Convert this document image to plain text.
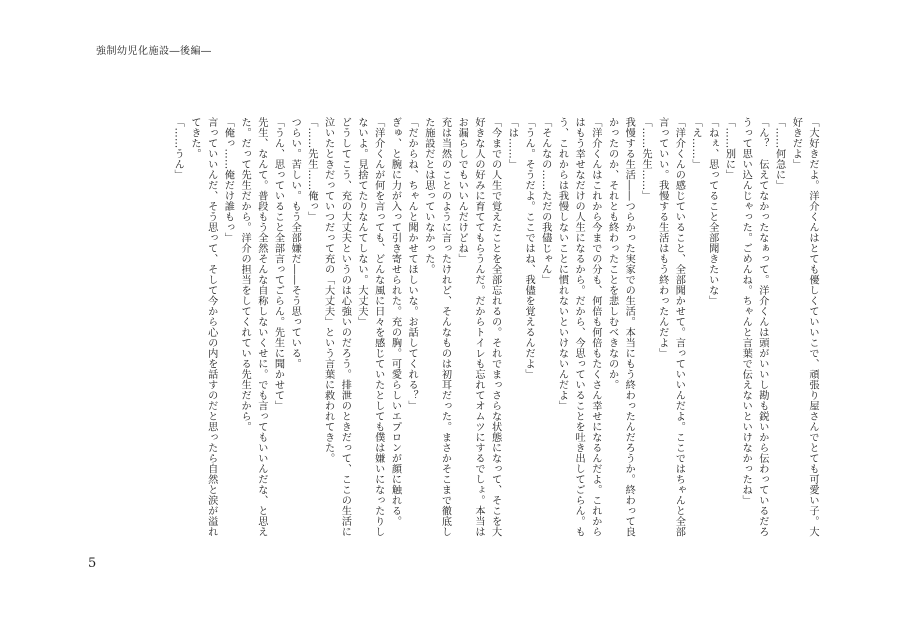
強制幼児化施設―後編―

「大好きだよ。洋介くんはとても優しくていいこで、頑張り屋さんでとても可愛い子。大好きだよ」

「……何急に」

「ん？　伝えてなかったなぁって。洋介くんは頭がいいし勘も鋭いから伝わっているだろうって思い込んじゃった。ごめんね。ちゃんと言葉で伝えないといけなかったね」

「……別に」

「ねぇ、思ってること全部聞きたいな」

「え……」

「洋介くんの感じていること、全部聞かせて。言っていいんだよ。ここではちゃんと全部言っていい。我慢する生活はもう終わったんだよ」

「……先生……」

我慢する生活――つらかった実家での生活。本当にもう終わったんだろうか。終わって良かったのか、それとも終わったことを悲しむべきなのか。

「洋介くんはこれから今までの分も、何倍も何倍もたくさん幸せになるんだよ。これからはもう幸せなだけの人生になるから。だから、今思っていることを吐き出してごらん。もう、これからは我慢しないことに慣れないといけないんだよ」

「そんなの……ただの我儘じゃん」

「うん。そうだよ。ここではね、我儘を覚えるんだよ」

「は……」

「今までの人生で覚えたことを全部忘れるの。それでまっさらな状態になって、そこを大好きな人の好みに育ててもらうんだ。だからトイレも忘れてオムツにするでしょ。本当はお漏らしでもいいんだけどね」

充は当然のことのように言ったけれど、そんなものは初耳だった。まさかそこまで徹底した施設だとは思っていなかった。

「だからね、ちゃんと聞かせてほしいな。お話してくれる？」

ぎゅ、と腕に力が入って引き寄せられた。充の胸。可愛らしいエプロンが顔に触れる。

「洋介くんが何を言っても、どんな風に日々を感じていたとしても僕は嫌いになったりしないよ。見捨てたりなんてしない。大丈夫」

どうしてこう、充の大丈夫というのは心強いのだろう。排泄のときだって、ここの生活に泣いたときだっていつだって充の「大丈夫」という言葉に救われてきた。

「……先生……俺っ」

つらい。苦しい。もう全部嫌だ――そう思っている。

「うん、思っていること全部言ってごらん。先生に聞かせて」

先生、なんて。普段もう全然そんな自称しないくせに。でも言ってもいいんだな、と思えた。だって先生だから。洋介の担当をしてくれている先生だから。

「俺っ……俺だけ誰もっ」

言っていいんだ、そう思って、そして今から心の内を話すのだと思ったら自然と涙が溢れてきた。

「……うん」

5
